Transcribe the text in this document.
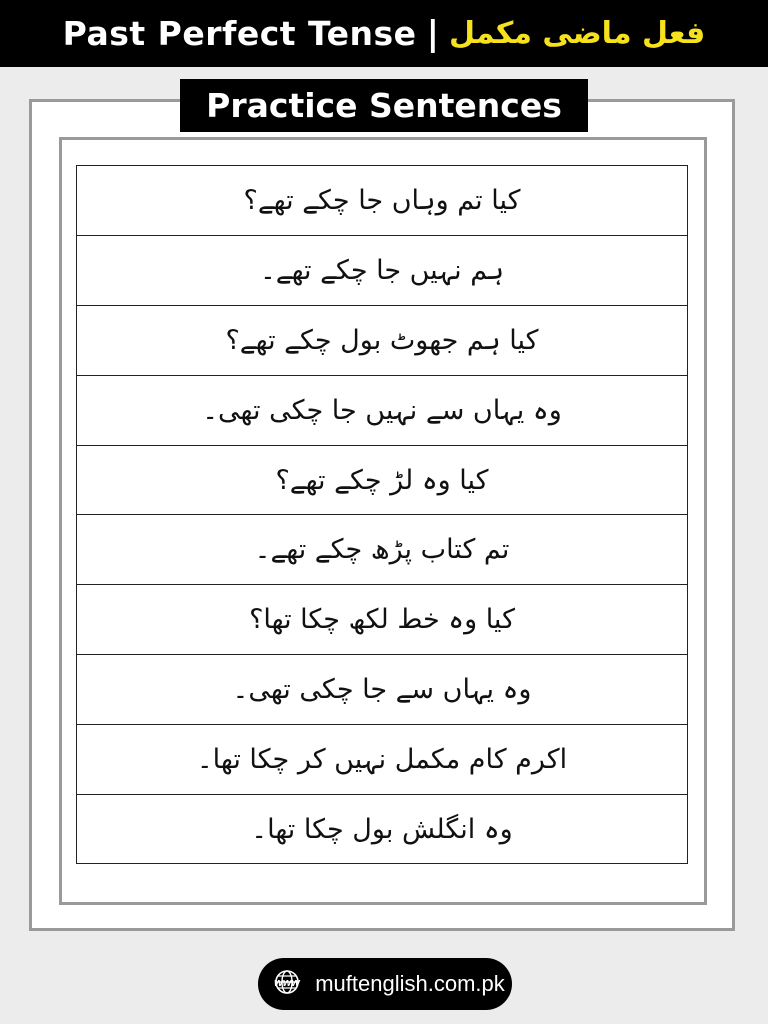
Past Perfect Tense | فعل ماضی مکمل
Practice Sentences
کیا تم وہاں جا چکے تھے؟
ہم نہیں جا چکے تھے۔
کیا ہم جھوٹ بول چکے تھے؟
وہ یہاں سے نہیں جا چکی تھی۔
کیا وہ لڑ چکے تھے؟
تم کتاب پڑھ چکے تھے۔
کیا وہ خط لکھ چکا تھا؟
وہ یہاں سے جا چکی تھی۔
اکرم کام مکمل نہیں کر چکا تھا۔
وہ انگلش بول چکا تھا۔
www muftenglish.com.pk
